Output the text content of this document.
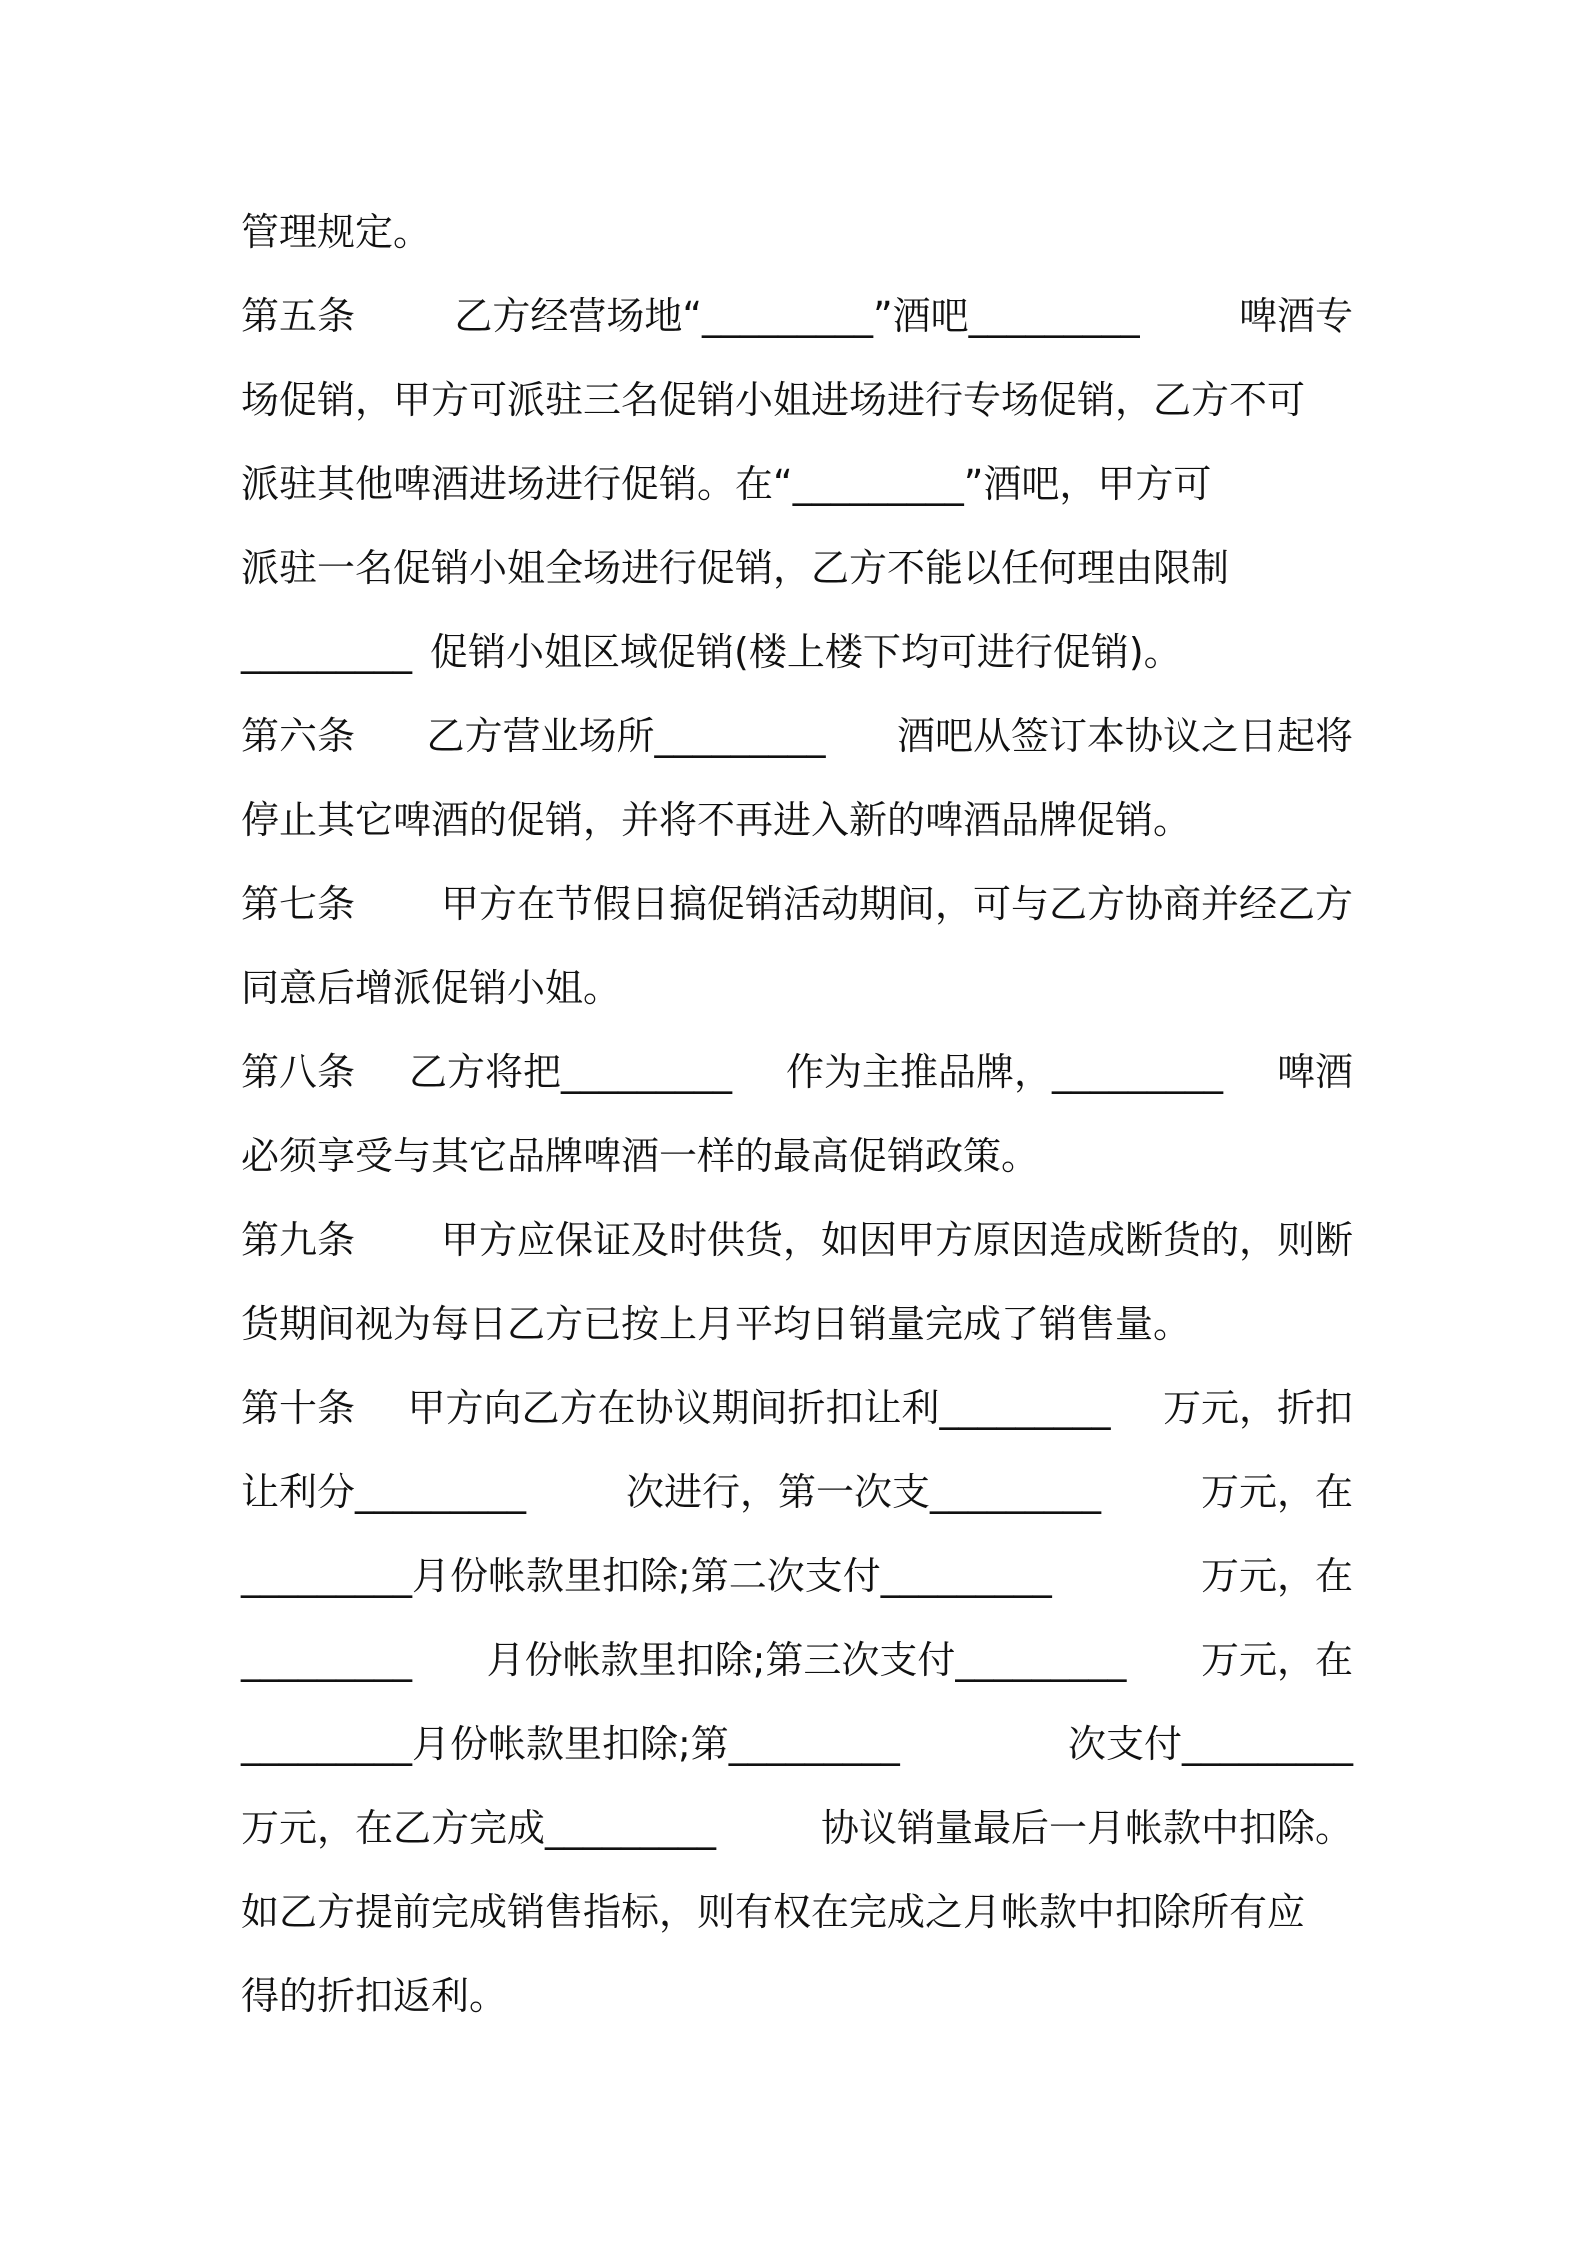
管理规定。
第五条	乙方经营场地“_________”酒吧_________	啤酒专
场促销，甲方可派驻三名促销小姐进场进行专场促销，乙方不可
派驻其他啤酒进场进行促销。在“_________”酒吧，甲方可
派驻一名促销小姐全场进行促销，乙方不能以任何理由限制
_________ 促销小姐区域促销(楼上楼下均可进行促销)。
第六条 乙方营业场所_________ 酒吧从签订本协议之日起将
停止其它啤酒的促销，并将不再进入新的啤酒品牌促销。
第七条 甲方在节假日搞促销活动期间，可与乙方协商并经乙方
同意后增派促销小姐。
第八条 乙方将把_________ 作为主推品牌，_________ 啤酒
必须享受与其它品牌啤酒一样的最高促销政策。
第九条 甲方应保证及时供货，如因甲方原因造成断货的，则断
货期间视为每日乙方已按上月平均日销量完成了销售量。
第十条 甲方向乙方在协议期间折扣让利_________ 万元，折扣
让利分_________	次进行，第一次支_________	万元，在
_________月份帐款里扣除;第二次支付_________	万元，在
_________ 月份帐款里扣除;第三次支付_________ 万元，在
_________月份帐款里扣除;第_________	次支付_________
万元，在乙方完成_________	协议销量最后一月帐款中扣除。
如乙方提前完成销售指标，则有权在完成之月帐款中扣除所有应
得的折扣返利。
